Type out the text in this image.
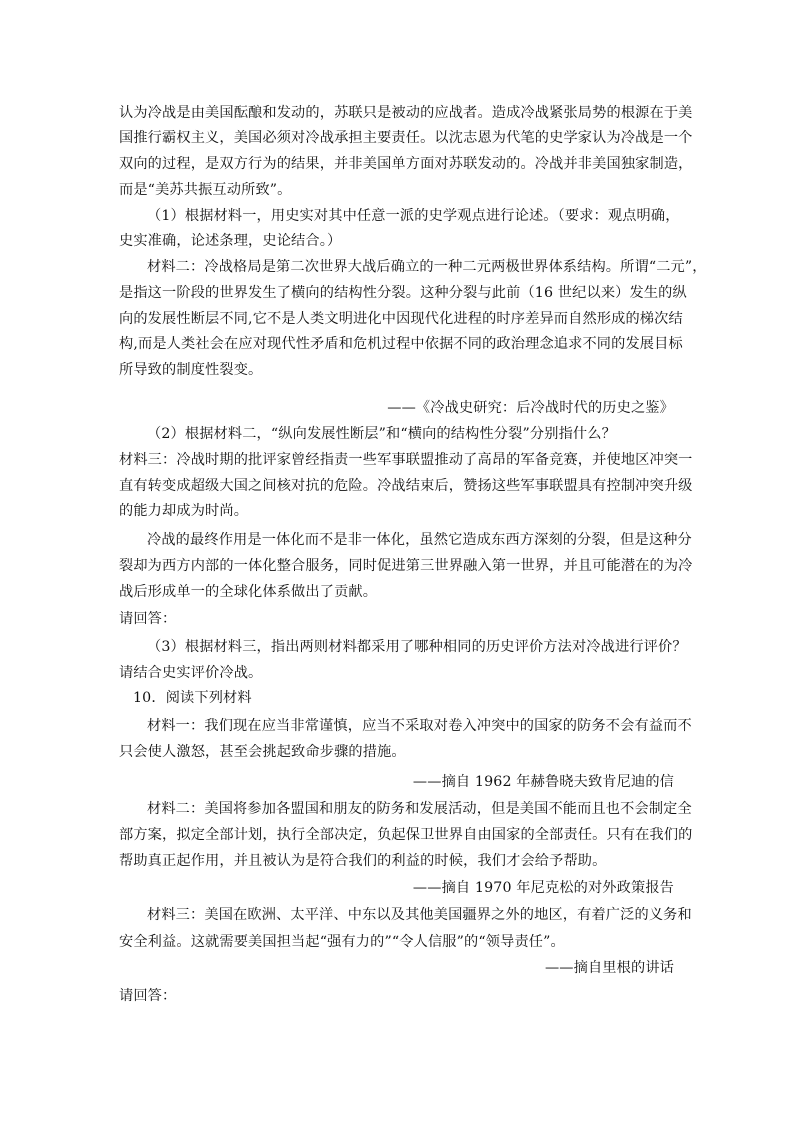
认为冷战是由美国酝酿和发动的，苏联只是被动的应战者。造成冷战紧张局势的根源在于美
国推行霸权主义，美国必须对冷战承担主要责任。以沈志恩为代笔的史学家认为冷战是一个
双向的过程，是双方行为的结果，并非美国单方面对苏联发动的。冷战并非美国独家制造，
而是“美苏共振互动所致”。
（1）根据材料一，用史实对其中任意一派的史学观点进行论述。（要求：观点明确，
史实准确，论述条理，史论结合。）
材料二：冷战格局是第二次世界大战后确立的一种二元两极世界体系结构。所谓“二元”，
是指这一阶段的世界发生了横向的结构性分裂。这种分裂与此前（16 世纪以来）发生的纵
向的发展性断层不同,它不是人类文明进化中因现代化进程的时序差异而自然形成的梯次结
构,而是人类社会在应对现代性矛盾和危机过程中依据不同的政治理念追求不同的发展目标
所导致的制度性裂变。
——《冷战史研究：后冷战时代的历史之鉴》
（2）根据材料二，“纵向发展性断层”和“横向的结构性分裂”分别指什么？
材料三：冷战时期的批评家曾经指责一些军事联盟推动了高昂的军备竞赛，并使地区冲突一
直有转变成超级大国之间核对抗的危险。冷战结束后，赞扬这些军事联盟具有控制冲突升级
的能力却成为时尚。
冷战的最终作用是一体化而不是非一体化，虽然它造成东西方深刻的分裂，但是这种分
裂却为西方内部的一体化整合服务，同时促进第三世界融入第一世界，并且可能潜在的为冷
战后形成单一的全球化体系做出了贡献。
请回答：
（3）根据材料三，指出两则材料都采用了哪种相同的历史评价方法对冷战进行评价？
请结合史实评价冷战。
10．阅读下列材料
材料一：我们现在应当非常谨慎，应当不采取对卷入冲突中的国家的防务不会有益而不
只会使人激怒，甚至会挑起致命步骤的措施。
——摘自 1962 年赫鲁晓夫致肯尼迪的信
材料二：美国将参加各盟国和朋友的防务和发展活动，但是美国不能而且也不会制定全
部方案，拟定全部计划，执行全部决定，负起保卫世界自由国家的全部责任。只有在我们的
帮助真正起作用，并且被认为是符合我们的利益的时候，我们才会给予帮助。
——摘自 1970 年尼克松的对外政策报告
材料三：美国在欧洲、太平洋、中东以及其他美国疆界之外的地区，有着广泛的义务和
安全利益。这就需要美国担当起“强有力的”“令人信服”的“领导责任”。
——摘自里根的讲话
请回答：
